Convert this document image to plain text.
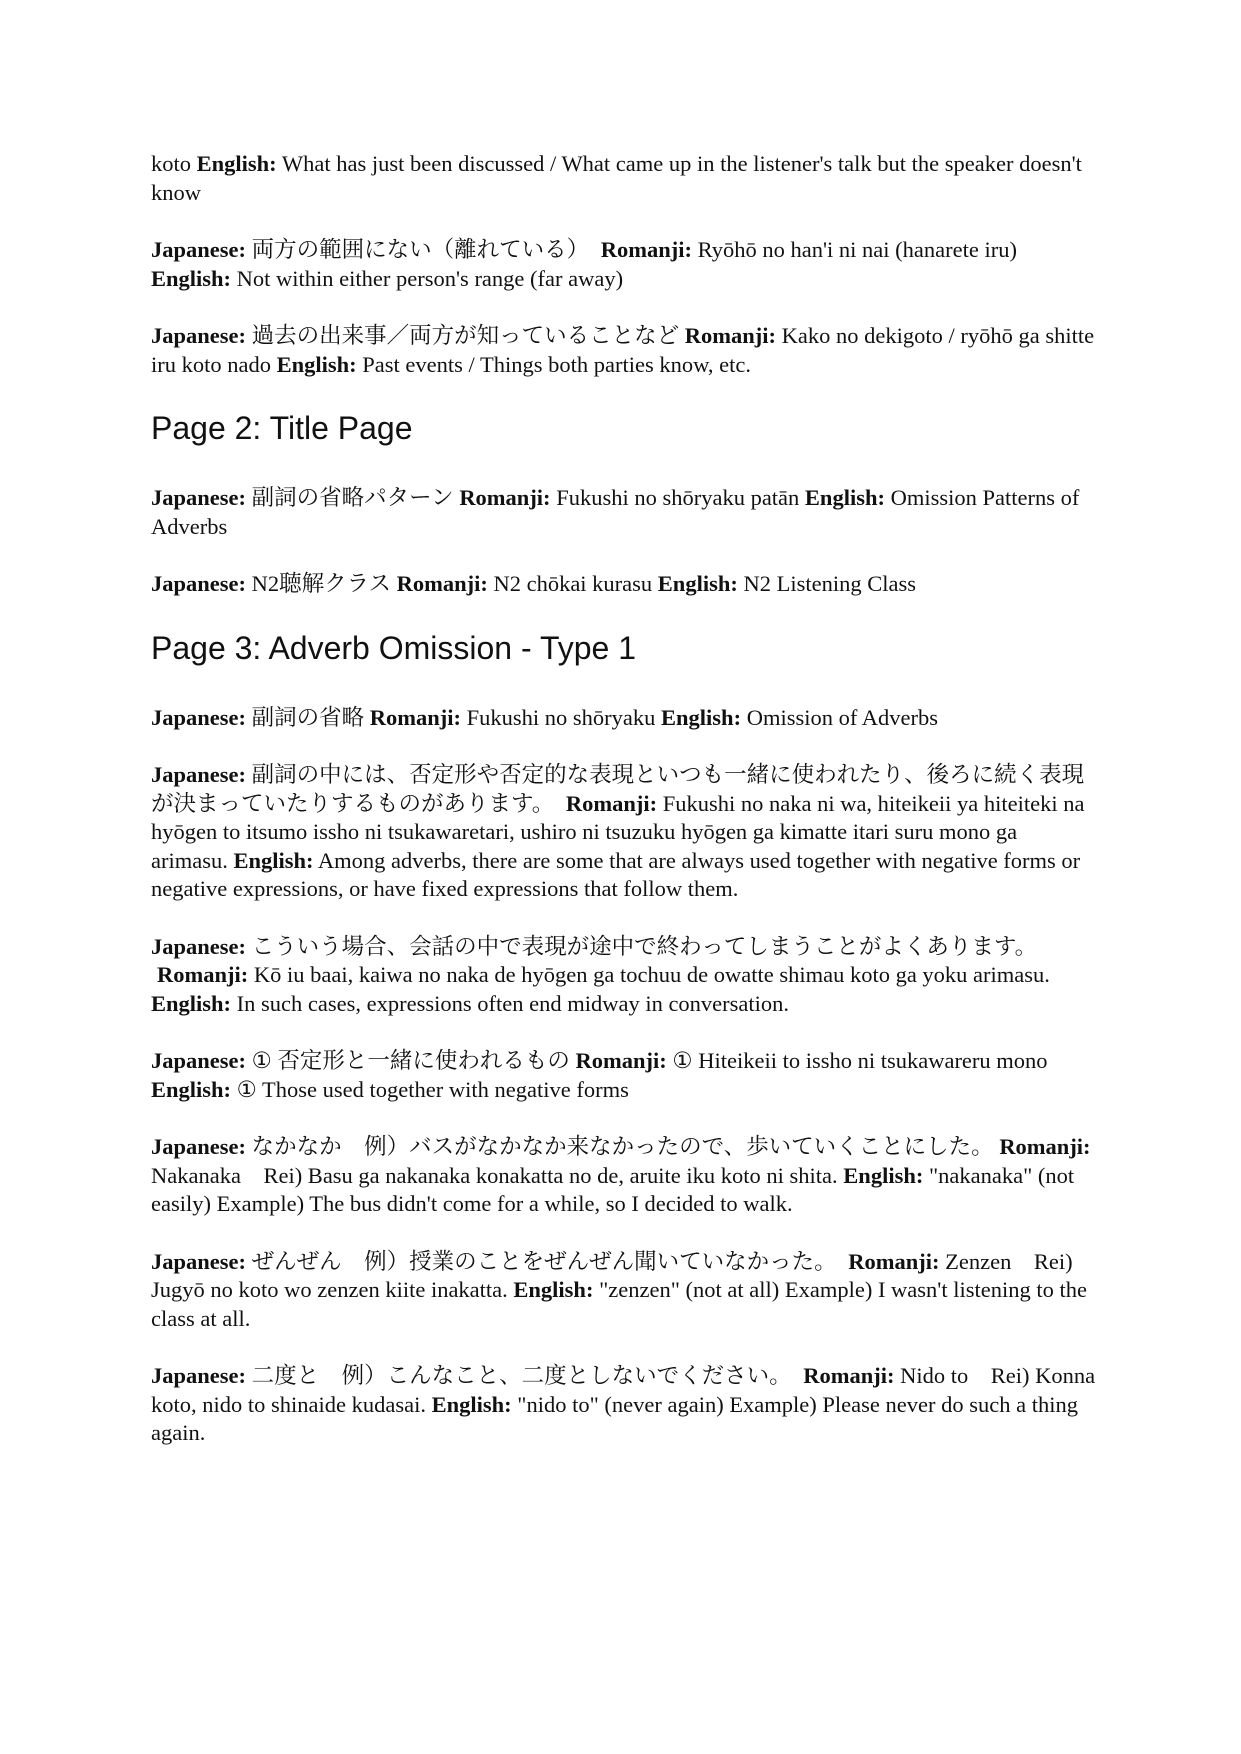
koto English: What has just been discussed / What came up in the listener's talk but the speaker doesn't know

Japanese: 両方の範囲にない（離れている） Romanji: Ryōhō no han'i ni nai (hanarete iru) English: Not within either person's range (far away)

Japanese: 過去の出来事／両方が知っていることなど Romanji: Kako no dekigoto / ryōhō ga shitte iru koto nado English: Past events / Things both parties know, etc.

Page 2: Title Page

Japanese: 副詞の省略パターン Romanji: Fukushi no shōryaku patān English: Omission Patterns of Adverbs

Japanese: N2聴解クラス Romanji: N2 chōkai kurasu English: N2 Listening Class

Page 3: Adverb Omission - Type 1

Japanese: 副詞の省略 Romanji: Fukushi no shōryaku English: Omission of Adverbs

Japanese: 副詞の中には、否定形や否定的な表現といつも一緒に使われたり、後ろに続く表現が決まっていたりするものがあります。 Romanji: Fukushi no naka ni wa, hiteikeii ya hiteiteki na hyōgen to itsumo issho ni tsukawaretari, ushiro ni tsuzuku hyōgen ga kimatte itari suru mono ga arimasu. English: Among adverbs, there are some that are always used together with negative forms or negative expressions, or have fixed expressions that follow them.

Japanese: こういう場合、会話の中で表現が途中で終わってしまうことがよくあります。 Romanji: Kō iu baai, kaiwa no naka de hyōgen ga tochuu de owatte shimau koto ga yoku arimasu. English: In such cases, expressions often end midway in conversation.

Japanese: ① 否定形と一緒に使われるもの Romanji: ① Hiteikeii to issho ni tsukawareru mono English: ① Those used together with negative forms

Japanese: なかなか　例）バスがなかなか来なかったので、歩いていくことにした。 Romanji: Nakanaka　Rei) Basu ga nakanaka konakatta no de, aruite iku koto ni shita. English: "nakanaka" (not easily) Example) The bus didn't come for a while, so I decided to walk.

Japanese: ぜんぜん　例）授業のことをぜんぜん聞いていなかった。 Romanji: Zenzen　Rei) Jugyō no koto wo zenzen kiite inakatta. English: "zenzen" (not at all) Example) I wasn't listening to the class at all.

Japanese: 二度と　例）こんなこと、二度としないでください。 Romanji: Nido to　Rei) Konna koto, nido to shinaide kudasai. English: "nido to" (never again) Example) Please never do such a thing again.
